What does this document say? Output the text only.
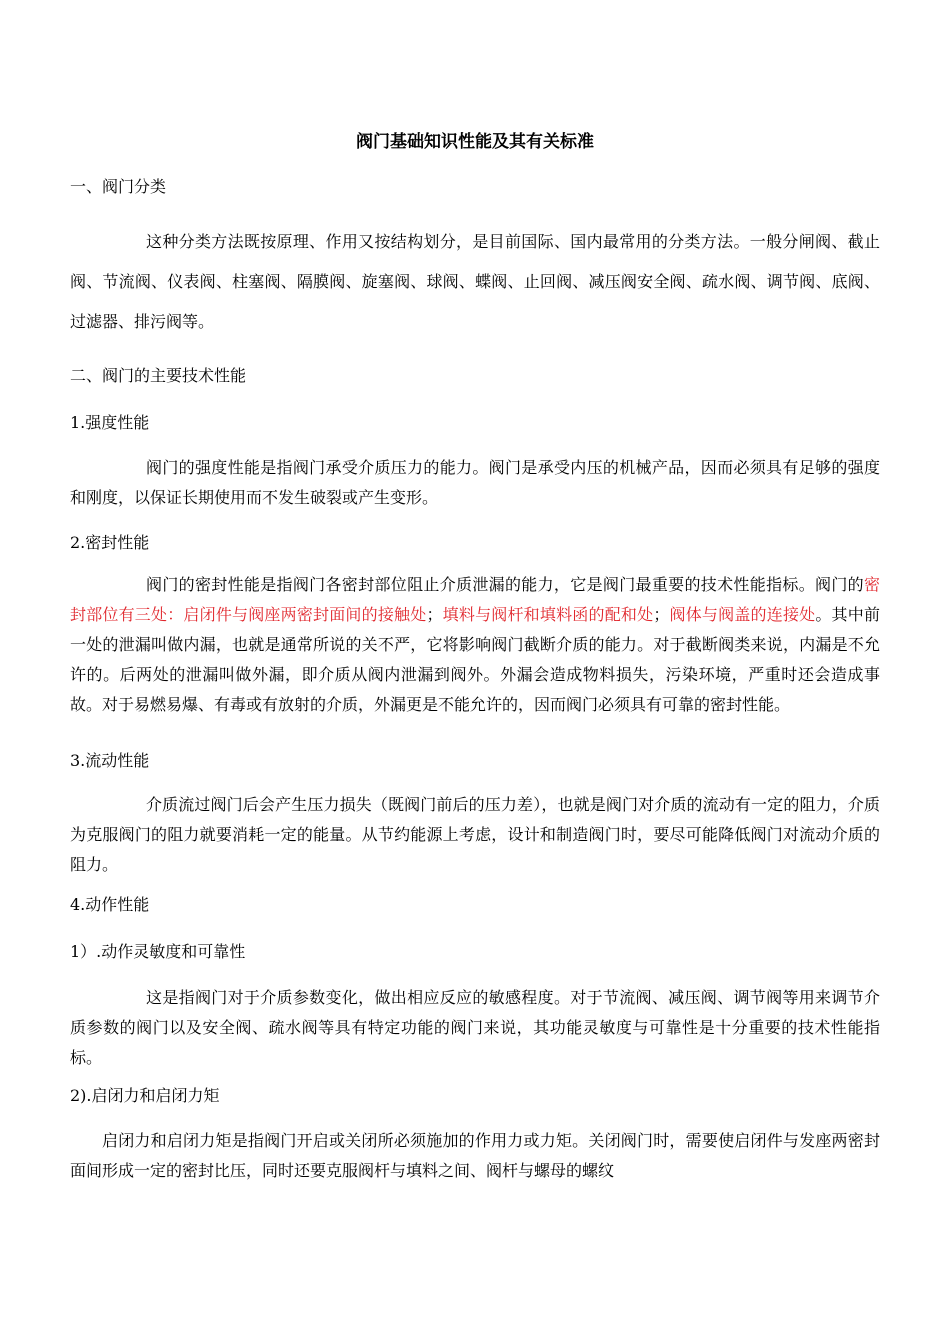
阀门基础知识性能及其有关标准
一、阀门分类
这种分类方法既按原理、作用又按结构划分，是目前国际、国内最常用的分类方法。一般分闸阀、截止阀、节流阀、仪表阀、柱塞阀、隔膜阀、旋塞阀、球阀、蝶阀、止回阀、减压阀安全阀、疏水阀、调节阀、底阀、过滤器、排污阀等。
二、阀门的主要技术性能
1.强度性能
阀门的强度性能是指阀门承受介质压力的能力。阀门是承受内压的机械产品，因而必须具有足够的强度和刚度，以保证长期使用而不发生破裂或产生变形。
2.密封性能
阀门的密封性能是指阀门各密封部位阻止介质泄漏的能力，它是阀门最重要的技术性能指标。阀门的密封部位有三处：启闭件与阀座两密封面间的接触处；填料与阀杆和填料函的配和处；阀体与阀盖的连接处。其中前一处的泄漏叫做内漏，也就是通常所说的关不严，它将影响阀门截断介质的能力。对于截断阀类来说，内漏是不允许的。后两处的泄漏叫做外漏，即介质从阀内泄漏到阀外。外漏会造成物料损失，污染环境，严重时还会造成事故。对于易燃易爆、有毒或有放射的介质，外漏更是不能允许的，因而阀门必须具有可靠的密封性能。
3.流动性能
介质流过阀门后会产生压力损失（既阀门前后的压力差），也就是阀门对介质的流动有一定的阻力，介质为克服阀门的阻力就要消耗一定的能量。从节约能源上考虑，设计和制造阀门时，要尽可能降低阀门对流动介质的阻力。
4.动作性能
1）.动作灵敏度和可靠性
这是指阀门对于介质参数变化，做出相应反应的敏感程度。对于节流阀、减压阀、调节阀等用来调节介质参数的阀门以及安全阀、疏水阀等具有特定功能的阀门来说，其功能灵敏度与可靠性是十分重要的技术性能指标。
2).启闭力和启闭力矩
启闭力和启闭力矩是指阀门开启或关闭所必须施加的作用力或力矩。关闭阀门时，需要使启闭件与发座两密封面间形成一定的密封比压，同时还要克服阀杆与填料之间、阀杆与螺母的螺纹
